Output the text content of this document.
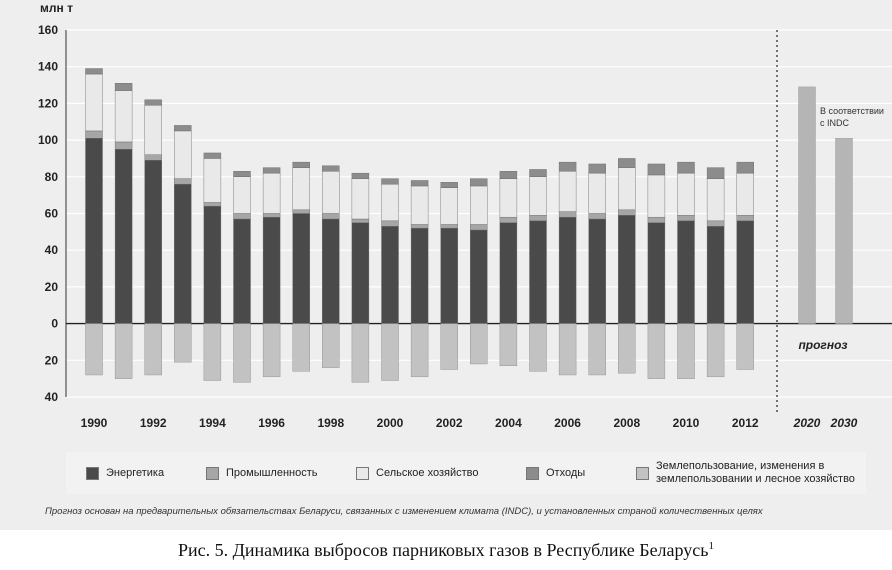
млн т
160
140
120
100
80
60
40
20
0
20
40
1990	1992	1994	1996	1998	2000	2002	2004	2006	2008	2010	2012	2020 2030
В соответствии
с INDC
прогноз
Энергетика	Промышленность	Сельское хозяйство	Отходы
Землепользование, изменения в землепользовании и лесное хозяйство
Прогноз основан на предварительных обязательствах Беларуси, связанных с изменением климата (INDC), и установленных страной количественных целях
Рис. 5. Динамика выбросов парниковых газов в Республике Беларусь$^1$
